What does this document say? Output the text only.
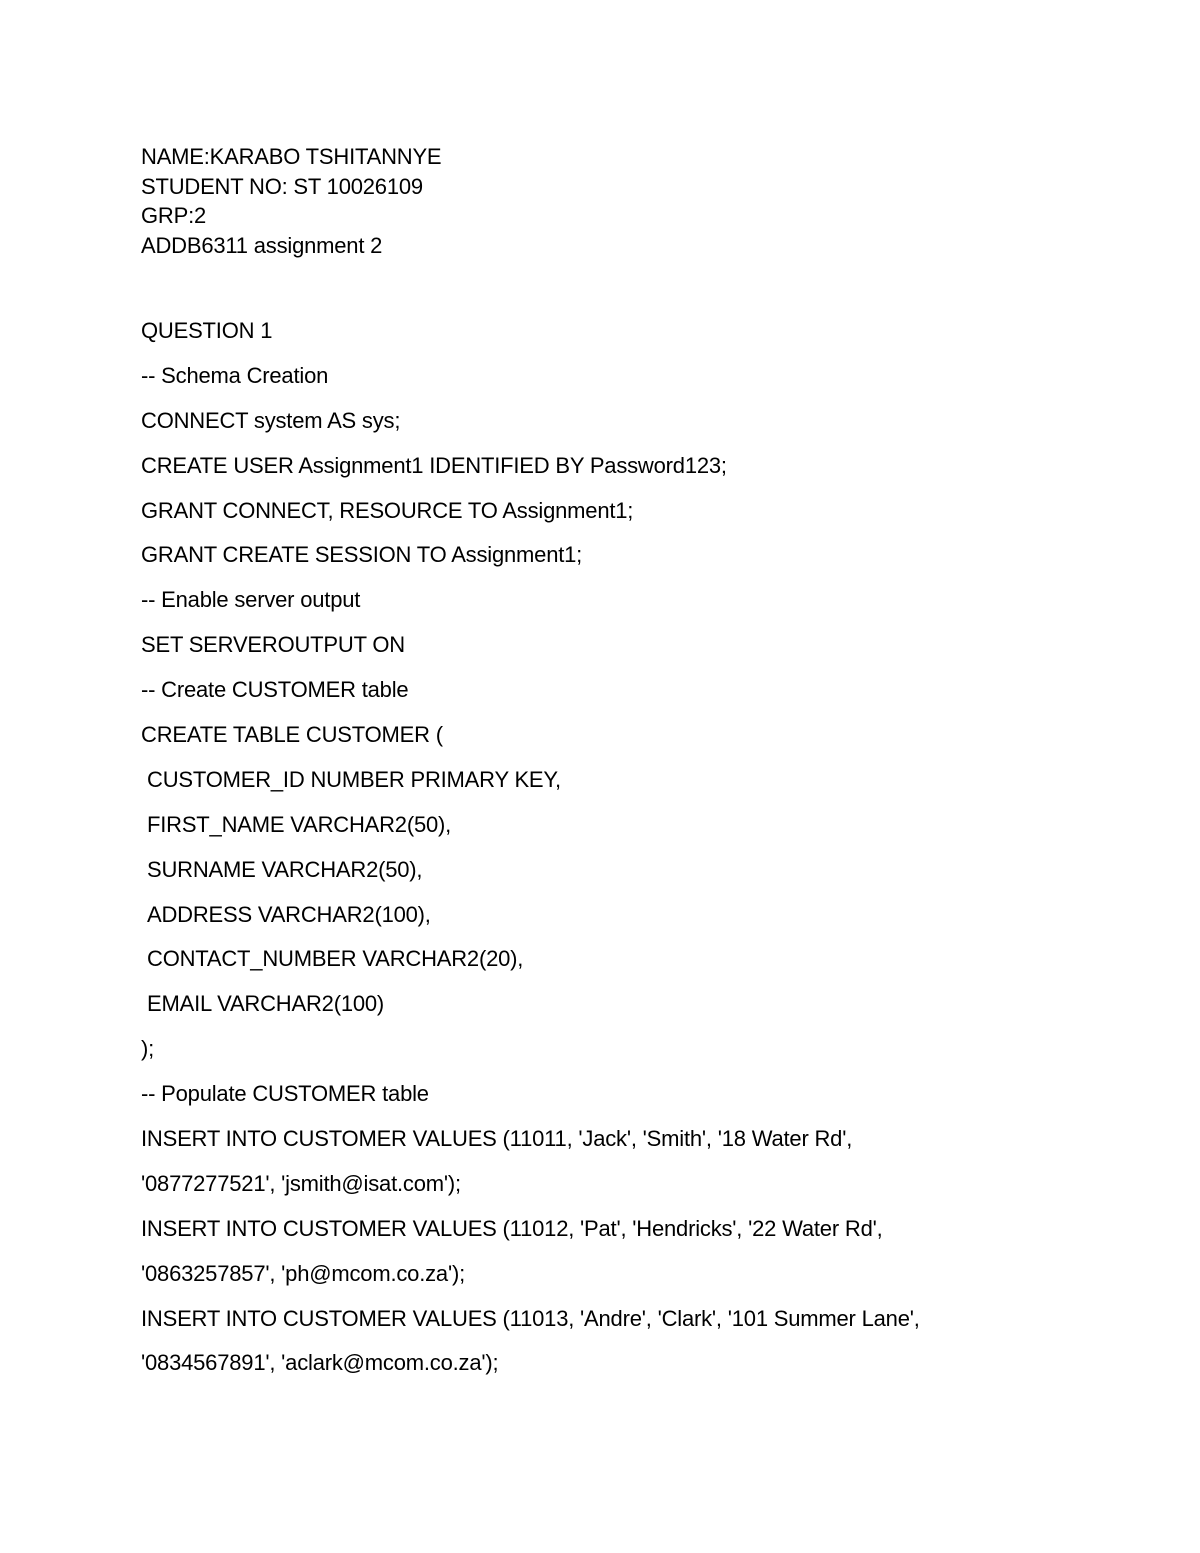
NAME:KARABO TSHITANNYE
STUDENT NO: ST 10026109
GRP:2
ADDB6311 assignment 2
QUESTION 1
-- Schema Creation
CONNECT system AS sys;
CREATE USER Assignment1 IDENTIFIED BY Password123;
GRANT CONNECT, RESOURCE TO Assignment1;
GRANT CREATE SESSION TO Assignment1;
-- Enable server output
SET SERVEROUTPUT ON
-- Create CUSTOMER table
CREATE TABLE CUSTOMER (
CUSTOMER_ID NUMBER PRIMARY KEY,
FIRST_NAME VARCHAR2(50),
SURNAME VARCHAR2(50),
ADDRESS VARCHAR2(100),
CONTACT_NUMBER VARCHAR2(20),
EMAIL VARCHAR2(100)
);
-- Populate CUSTOMER table
INSERT INTO CUSTOMER VALUES (11011, 'Jack', 'Smith', '18 Water Rd',
'0877277521', 'jsmith@isat.com');
INSERT INTO CUSTOMER VALUES (11012, 'Pat', 'Hendricks', '22 Water Rd',
'0863257857', 'ph@mcom.co.za');
INSERT INTO CUSTOMER VALUES (11013, 'Andre', 'Clark', '101 Summer Lane',
'0834567891', 'aclark@mcom.co.za');
